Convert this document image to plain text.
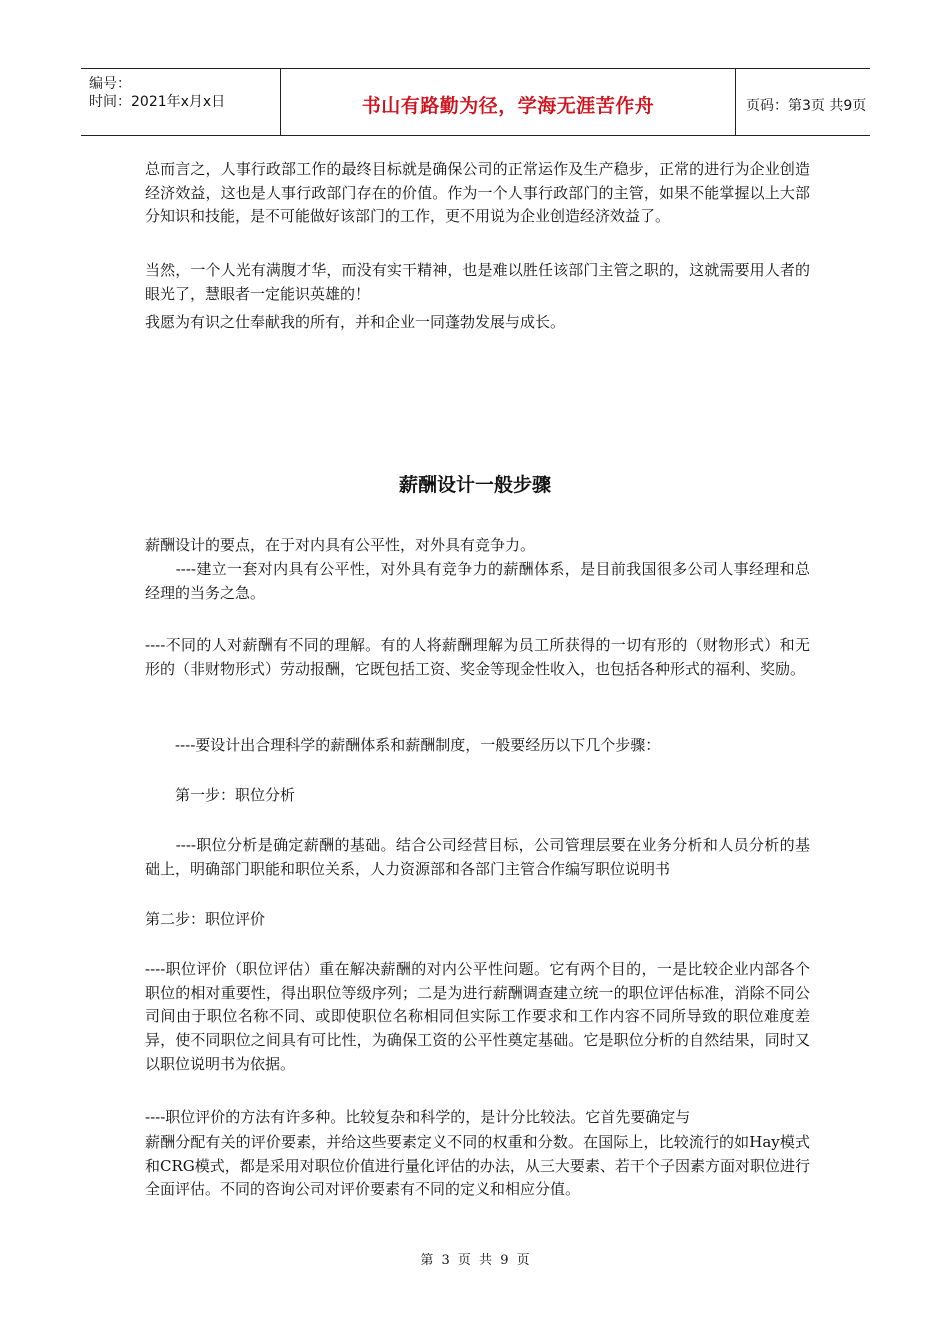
编号：
时间：2021年x月x日	书山有路勤为径，学海无涯苦作舟	页码：第3页 共9页

总而言之，人事行政部工作的最终目标就是确保公司的正常运作及生产稳步，正常的进行为企业创造经济效益，这也是人事行政部门存在的价值。作为一个人事行政部门的主管，如果不能掌握以上大部分知识和技能，是不可能做好该部门的工作，更不用说为企业创造经济效益了。

当然，一个人光有满腹才华，而没有实干精神，也是难以胜任该部门主管之职的，这就需要用人者的眼光了，慧眼者一定能识英雄的！

我愿为有识之仕奉献我的所有，并和企业一同蓬勃发展与成长。

薪酬设计一般步骤

薪酬设计的要点，在于对内具有公平性，对外具有竞争力。

　　----建立一套对内具有公平性，对外具有竞争力的薪酬体系，是目前我国很多公司人事经理和总经理的当务之急。

----不同的人对薪酬有不同的理解。有的人将薪酬理解为员工所获得的一切有形的（财物形式）和无形的（非财物形式）劳动报酬，它既包括工资、奖金等现金性收入，也包括各种形式的福利、奖励。

　　----要设计出合理科学的薪酬体系和薪酬制度，一般要经历以下几个步骤：

　　第一步：职位分析

　　----职位分析是确定薪酬的基础。结合公司经营目标，公司管理层要在业务分析和人员分析的基础上，明确部门职能和职位关系，人力资源部和各部门主管合作编写职位说明书

第二步：职位评价

----职位评价（职位评估）重在解决薪酬的对内公平性问题。它有两个目的，一是比较企业内部各个职位的相对重要性，得出职位等级序列；二是为进行薪酬调查建立统一的职位评估标准，消除不同公司间由于职位名称不同、或即使职位名称相同但实际工作要求和工作内容不同所导致的职位难度差异，使不同职位之间具有可比性，为确保工资的公平性奠定基础。它是职位分析的自然结果，同时又以职位说明书为依据。

----职位评价的方法有许多种。比较复杂和科学的，是计分比较法。它首先要确定与

薪酬分配有关的评价要素，并给这些要素定义不同的权重和分数。在国际上，比较流行的如Hay模式和CRG模式，都是采用对职位价值进行量化评估的办法，从三大要素、若干个子因素方面对职位进行全面评估。不同的咨询公司对评价要素有不同的定义和相应分值。

第 3 页 共 9 页
